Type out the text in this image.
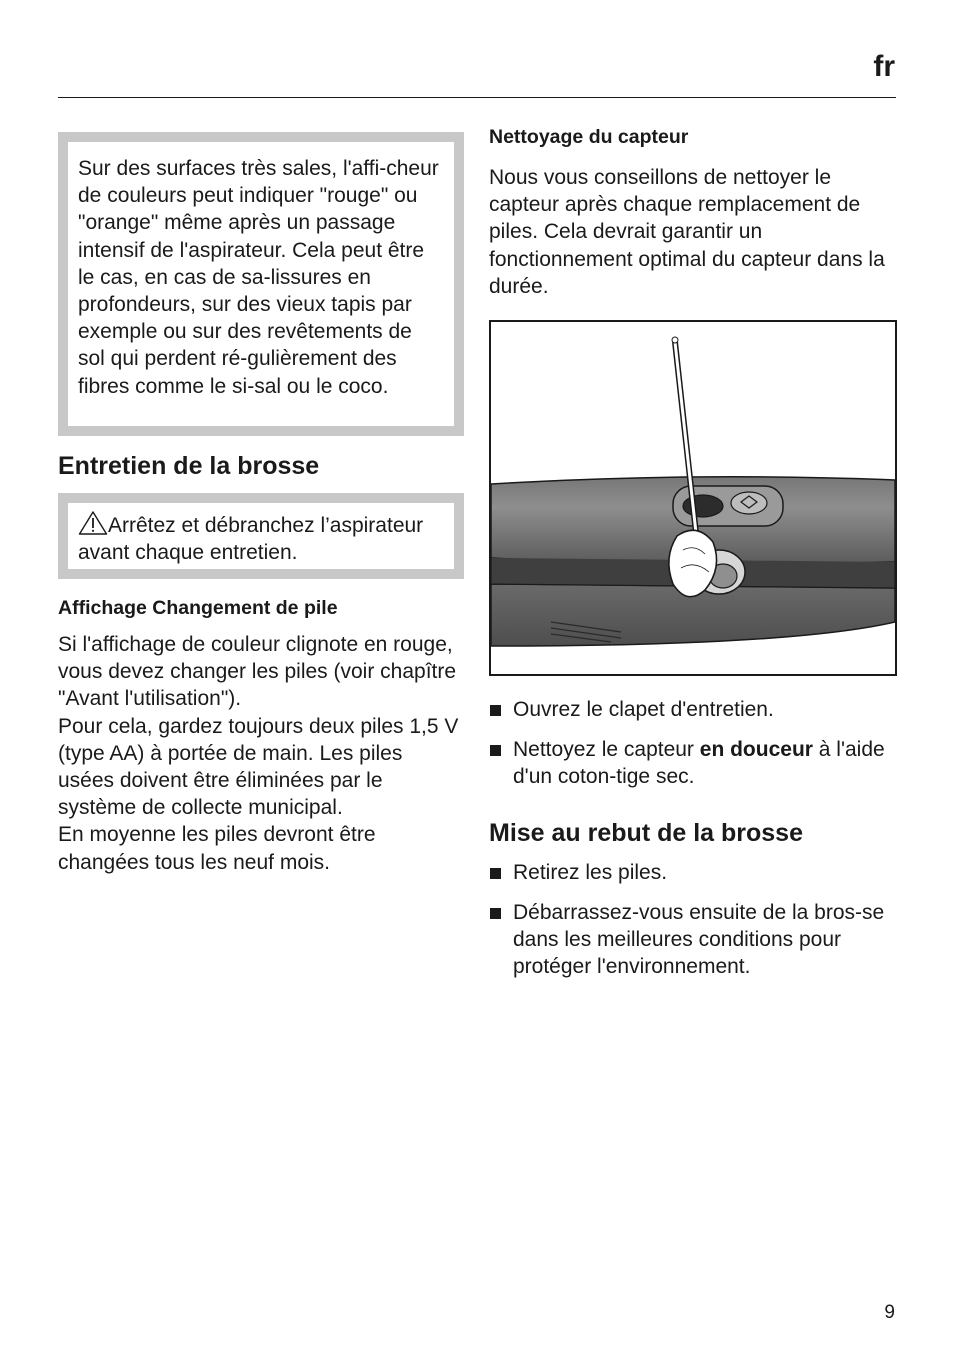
fr

Sur des surfaces très sales, l'affi-cheur de couleurs peut indiquer "rouge" ou "orange" même après un passage intensif de l'aspirateur. Cela peut être le cas, en cas de sa-lissures en profondeurs, sur des vieux tapis par exemple ou sur des revêtements de sol qui perdent ré-gulièrement des fibres comme le si-sal ou le coco.

Entretien de la brosse

Arrêtez et débranchez l’aspirateur avant chaque entretien.

Affichage Changement de pile

Si l'affichage de couleur clignote en rouge, vous devez changer les piles (voir chapître "Avant l'utilisation").

Pour cela, gardez toujours deux piles 1,5 V (type AA) à portée de main. Les piles usées doivent être éliminées par le système de collecte municipal.

En moyenne les piles devront être changées tous les neuf mois.

Nettoyage du capteur

Nous vous conseillons de nettoyer le capteur après chaque remplacement de piles. Cela devrait garantir un fonctionnement optimal du capteur dans la durée.

Ouvrez le clapet d'entretien.
Nettoyez le capteur en douceur à l'aide d'un coton-tige sec.
Mise au rebut de la brosse
Retirez les piles.
Débarrassez-vous ensuite de la bros-se dans les meilleures conditions pour protéger l'environnement.
9
